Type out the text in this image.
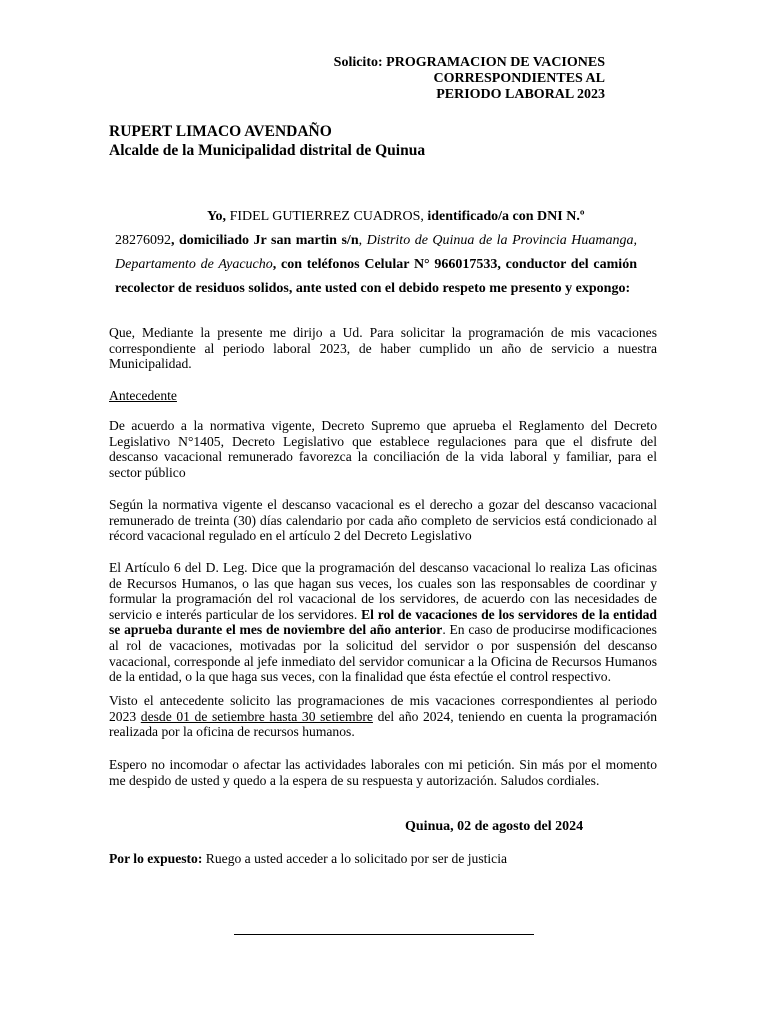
Solicito: PROGRAMACION DE VACIONES
CORRESPONDIENTES AL
PERIODO LABORAL 2023
RUPERT LIMACO AVENDAÑO
Alcalde de la Municipalidad distrital de Quinua
Yo, FIDEL GUTIERREZ CUADROS, identificado/a con DNI N.º
28276092, domiciliado Jr san martin s/n, Distrito de Quinua de la Provincia Huamanga, Departamento de Ayacucho, con teléfonos Celular N° 966017533, conductor del camión recolector de residuos solidos, ante usted con el debido respeto me presento y expongo:
Que, Mediante la presente me dirijo a Ud. Para solicitar la programación de mis vacaciones correspondiente al periodo laboral 2023, de haber cumplido un año de servicio a nuestra Municipalidad.
Antecedente
De acuerdo a la normativa vigente, Decreto Supremo que aprueba el Reglamento del Decreto Legislativo N°1405, Decreto Legislativo que establece regulaciones para que el disfrute del descanso vacacional remunerado favorezca la conciliación de la vida laboral y familiar, para el sector público
Según la normativa vigente el descanso vacacional es el derecho a gozar del descanso vacacional remunerado de treinta (30) días calendario por cada año completo de servicios está condicionado al récord vacacional regulado en el artículo 2 del Decreto Legislativo
El Artículo 6 del D. Leg. Dice que la programación del descanso vacacional lo realiza Las oficinas de Recursos Humanos, o las que hagan sus veces, los cuales son las responsables de coordinar y formular la programación del rol vacacional de los servidores, de acuerdo con las necesidades de servicio e interés particular de los servidores. El rol de vacaciones de los servidores de la entidad se aprueba durante el mes de noviembre del año anterior. En caso de producirse modificaciones al rol de vacaciones, motivadas por la solicitud del servidor o por suspensión del descanso vacacional, corresponde al jefe inmediato del servidor comunicar a la Oficina de Recursos Humanos de la entidad, o la que haga sus veces, con la finalidad que ésta efectúe el control respectivo.
Visto el antecedente solicito las programaciones de mis vacaciones correspondientes al periodo 2023 desde 01 de setiembre hasta 30 setiembre del año 2024, teniendo en cuenta la programación realizada por la oficina de recursos humanos.
Espero no incomodar o afectar las actividades laborales con mi petición. Sin más por el momento me despido de usted y quedo a la espera de su respuesta y autorización. Saludos cordiales.
Quinua, 02 de agosto del 2024
Por lo expuesto: Ruego a usted acceder a lo solicitado por ser de justicia
